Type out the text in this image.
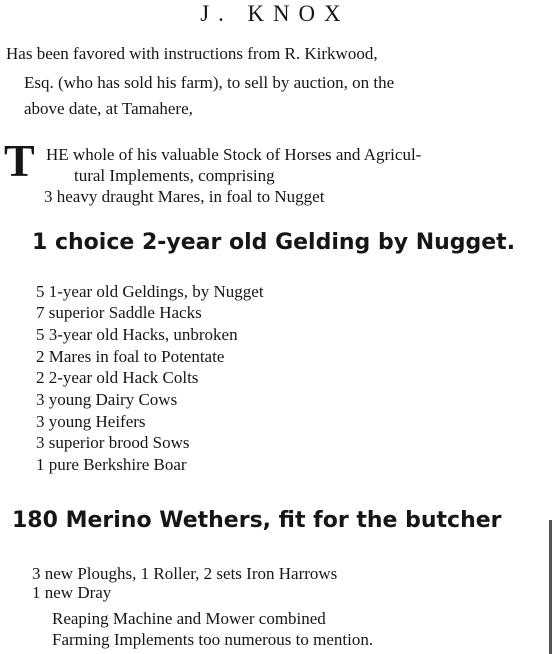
J. KNOX
Has been favored with instructions from R. Kirkwood,
Esq. (who has sold his farm), to sell by auction, on the
above date, at Tamahere,
T HE whole of his valuable Stock of Horses and Agricul-
tural Implements, comprising
3 heavy draught Mares, in foal to Nugget
1 choice 2-year old Gelding by Nugget.
5 1-year old Geldings, by Nugget
7 superior Saddle Hacks
5 3-year old Hacks, unbroken
2 Mares in foal to Potentate
2 2-year old Hack Colts
3 young Dairy Cows
3 young Heifers
3 superior brood Sows
1 pure Berkshire Boar
180 Merino Wethers, fit for the butcher
3 new Ploughs, 1 Roller, 2 sets Iron Harrows
1 new Dray
Reaping Machine and Mower combined
Farming Implements too numerous to mention.
